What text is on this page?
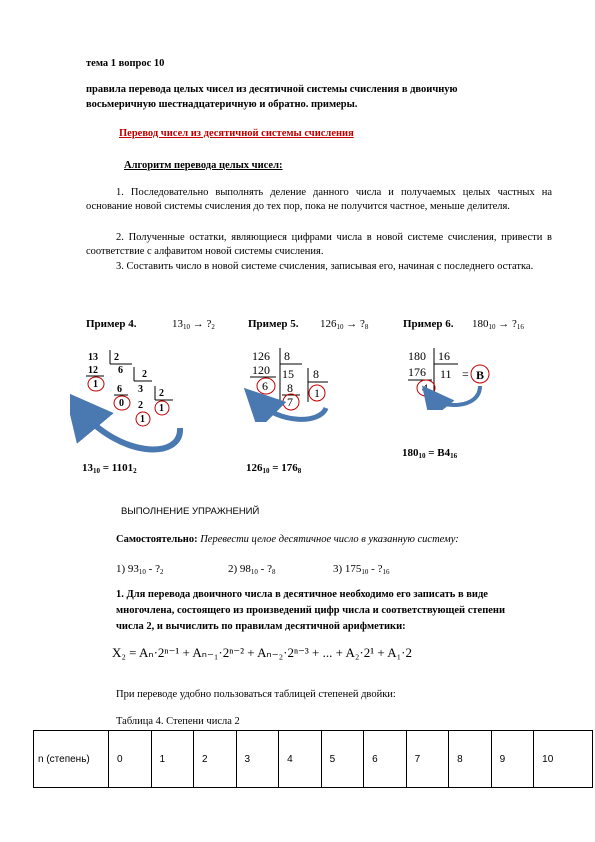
тема 1 вопрос 10
правила перевода целых чисел из десятичной системы счисления в двоичную
восьмеричную шестнадцатеричную и обратно. примеры.
Перевод чисел из десятичной системы счисления
Алгоритм перевода целых чисел:
1. Последовательно выполнять деление данного числа и получаемых целых частных на основание новой системы счисления до тех пор, пока не получится частное, меньше делителя.
2. Полученные остатки, являющиеся цифрами числа в новой системе счисления, привести в соответствие с алфавитом новой системы счисления.
3. Составить число в новой системе счисления, записывая его, начиная с последнего остатка.
Пример 4.	$13_{10}$ → $?_2$	Пример 5. $126_{10}$ → $?_8$	Пример 6. $180_{10}$ → $?_{16}$
13 2
12 6 2
1 6 3 2
0 2 1
1
126 8
120 15 8
6 8 1
7
180 16
176 11 = B
4
$13_{10} = 1101_2$	$126_{10} = 176_8$
$180_{10} = B4_{16}$
ВЫПОЛНЕНИЕ УПРАЖНЕНИЙ
Самостоятельно: Перевести целое десятичное число в указанную систему:
1) $93_{10}$ - $?_2$	2) $98_{10}$ - $?_8$	3) $175_{10}$ - $?_{16}$
1. Для перевода двоичного числа в десятичное необходимо его записать в виде
многочлена, состоящего из произведений цифр числа и соответствующей степени
числа 2, и вычислить по правилам десятичной арифметики:
X₂ = Aₙ·2ⁿ⁻¹ + Aₙ₋₁·2ⁿ⁻² + Aₙ₋₂·2ⁿ⁻³ + ... + A₂·2¹ + A₁·2
При переводе удобно пользоваться таблицей степеней двойки:
Таблица 4. Степени числа 2
n (степень)	0	1	2	3	4	5	6	7	8	9	10
